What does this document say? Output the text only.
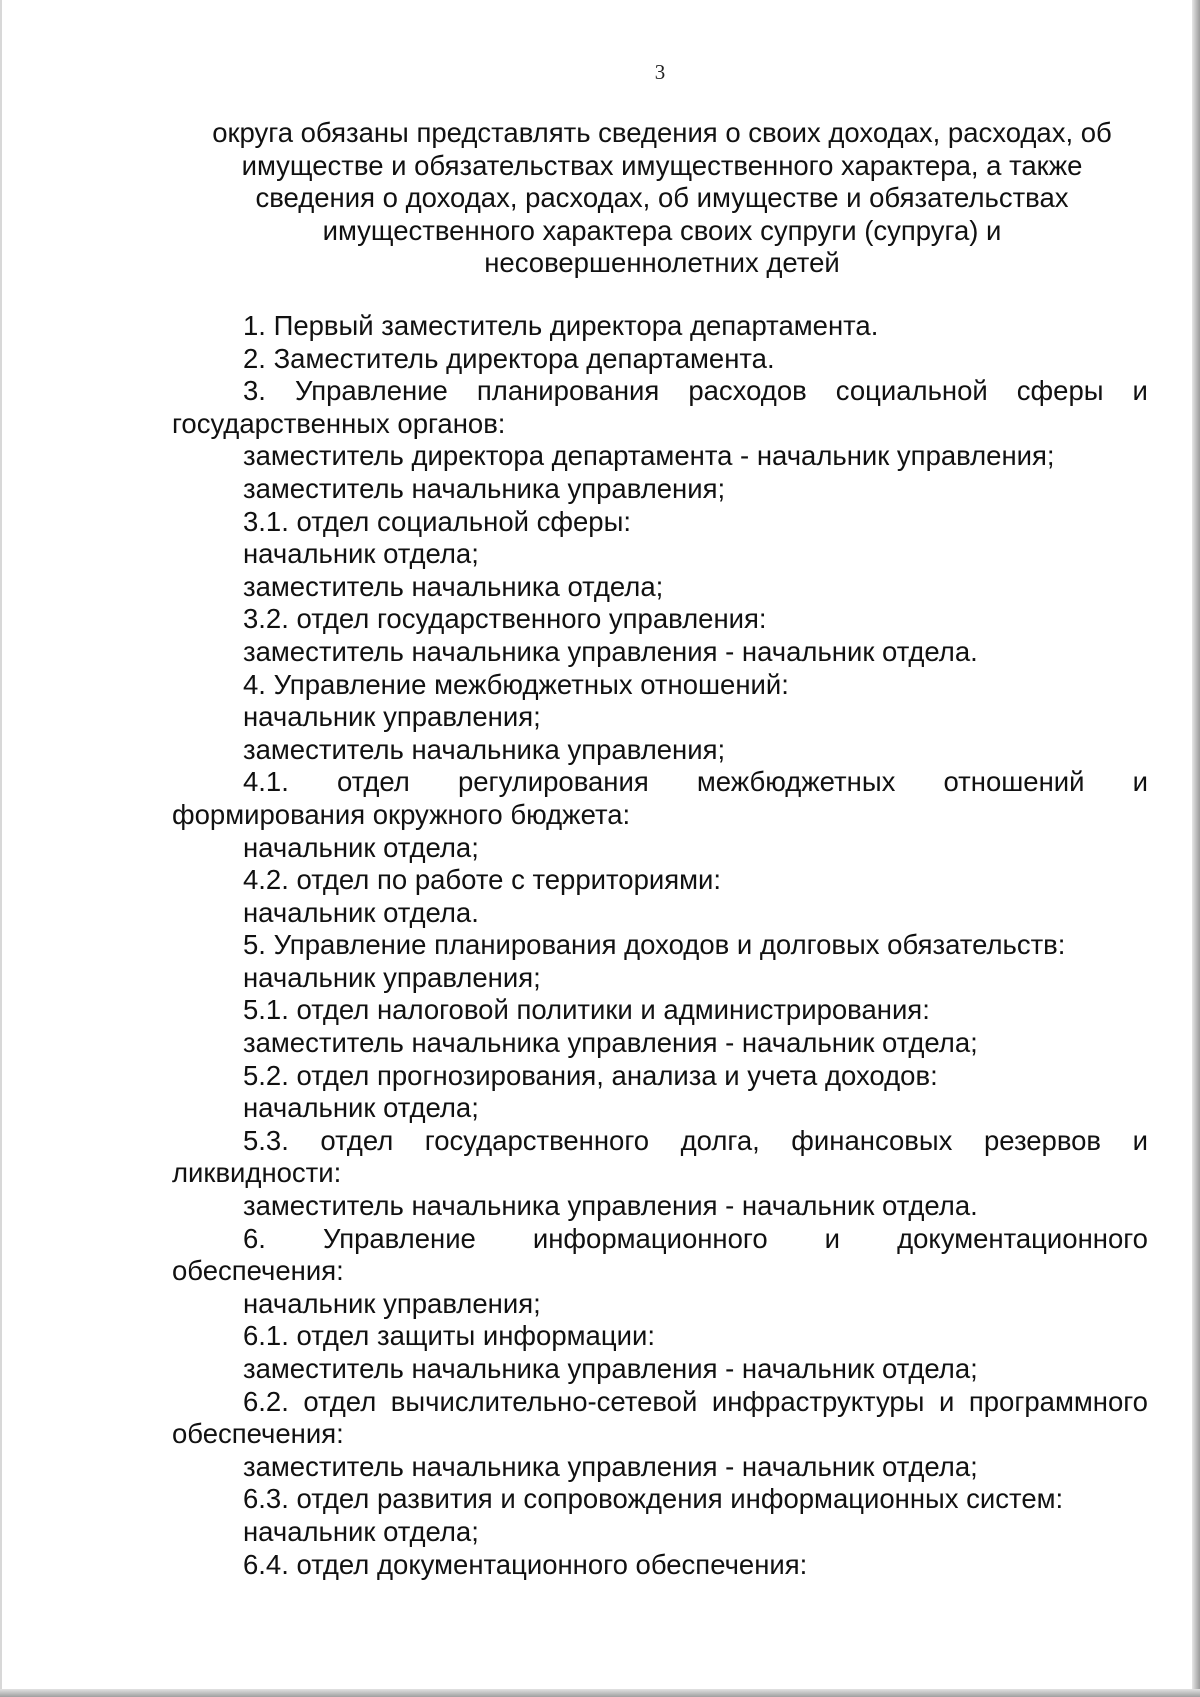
3
округа обязаны представлять сведения о своих доходах, расходах, об
имуществе и обязательствах имущественного характера, а также
сведения о доходах, расходах, об имуществе и обязательствах
имущественного характера своих супруги (супруга) и
несовершеннолетних детей
1. Первый заместитель директора департамента.
2. Заместитель директора департамента.
3. Управление планирования расходов социальной сферы и
государственных органов:
заместитель директора департамента - начальник управления;
заместитель начальника управления;
3.1. отдел социальной сферы:
начальник отдела;
заместитель начальника отдела;
3.2. отдел государственного управления:
заместитель начальника управления - начальник отдела.
4. Управление межбюджетных отношений:
начальник управления;
заместитель начальника управления;
4.1. отдел регулирования межбюджетных отношений и
формирования окружного бюджета:
начальник отдела;
4.2. отдел по работе с территориями:
начальник отдела.
5. Управление планирования доходов и долговых обязательств:
начальник управления;
5.1. отдел налоговой политики и администрирования:
заместитель начальника управления - начальник отдела;
5.2. отдел прогнозирования, анализа и учета доходов:
начальник отдела;
5.3. отдел государственного долга, финансовых резервов и
ликвидности:
заместитель начальника управления - начальник отдела.
6. Управление информационного и документационного
обеспечения:
начальник управления;
6.1. отдел защиты информации:
заместитель начальника управления - начальник отдела;
6.2. отдел вычислительно-сетевой инфраструктуры и программного
обеспечения:
заместитель начальника управления - начальник отдела;
6.3. отдел развития и сопровождения информационных систем:
начальник отдела;
6.4. отдел документационного обеспечения:
